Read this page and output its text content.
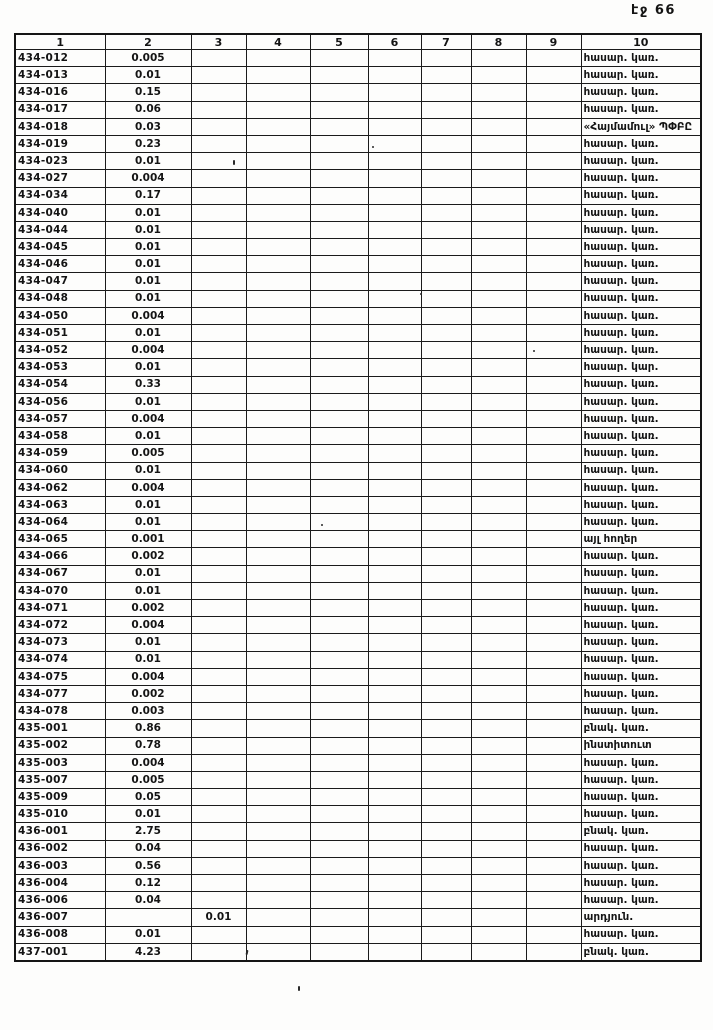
էջ 66
1	2	3	4	5	6	7	8	9	10
434-012	0.005								հասար. կառ.
434-013	0.01								հասար. կառ.
434-016	0.15								հասար. կառ.
434-017	0.06								հասար. կառ.
434-018	0.03								«Հայմամուլ» ՊՓԲԸ
434-019	0.23								հասար. կառ.
434-023	0.01								հասար. կառ.
434-027	0.004								հասար. կառ.
434-034	0.17								հասար. կառ.
434-040	0.01								հասար. կառ.
434-044	0.01								հասար. կառ.
434-045	0.01								հասար. կառ.
434-046	0.01								հասար. կառ.
434-047	0.01								հասար. կառ.
434-048	0.01								հասար. կառ.
434-050	0.004								հասար. կառ.
434-051	0.01								հասար. կառ.
434-052	0.004								հասար. կառ.
434-053	0.01								հասար. կար.
434-054	0.33								հասար. կառ.
434-056	0.01								հասար. կառ.
434-057	0.004								հասար. կառ.
434-058	0.01								հասար. կառ.
434-059	0.005								հասար. կառ.
434-060	0.01								հասար. կառ.
434-062	0.004								հասար. կառ.
434-063	0.01								հասար. կառ.
434-064	0.01								հասար. կառ.
434-065	0.001								այլ հողեր
434-066	0.002								հասար. կառ.
434-067	0.01								հասար. կառ.
434-070	0.01								հասար. կառ.
434-071	0.002								հասար. կառ.
434-072	0.004								հասար. կառ.
434-073	0.01								հասար. կառ.
434-074	0.01								հասար. կառ.
434-075	0.004								հասար. կառ.
434-077	0.002								հասար. կառ.
434-078	0.003								հասար. կառ.
435-001	0.86								բնակ. կառ.
435-002	0.78								ինստիտուտ
435-003	0.004								հասար. կառ.
435-007	0.005								հասար. կառ.
435-009	0.05								հասար. կառ.
435-010	0.01								հասար. կառ.
436-001	2.75								բնակ. կառ.
436-002	0.04								հասար. կառ.
436-003	0.56								հասար. կառ.
436-004	0.12								հասար. կառ.
436-006	0.04								հասար. կառ.
436-007		0.01							արդյուն.
436-008	0.01								հասար. կառ.
437-001	4.23								բնակ. կառ.
